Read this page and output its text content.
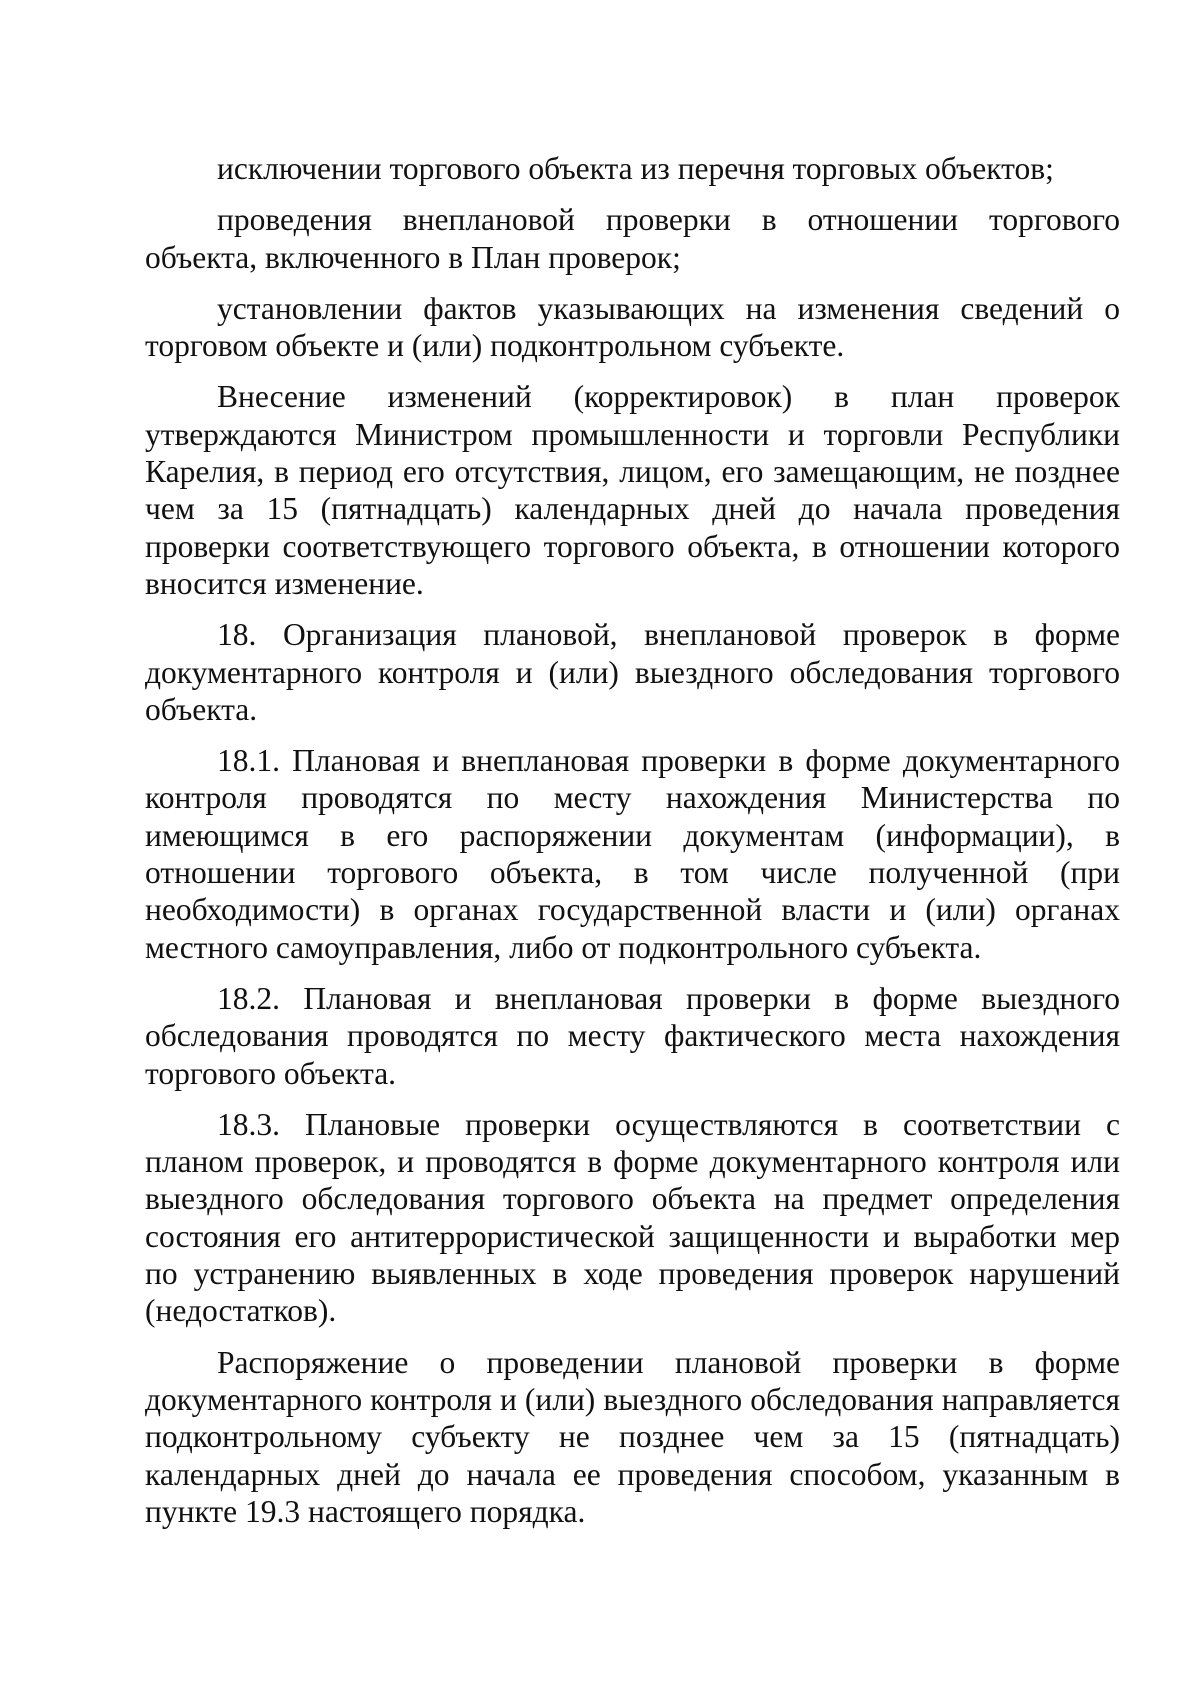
исключении торгового объекта из перечня торговых объектов;

проведения внеплановой проверки в отношении торгового объекта, включенного в План проверок;

установлении фактов указывающих на изменения сведений о торговом объекте и (или) подконтрольном субъекте.

Внесение изменений (корректировок) в план проверок утверждаются Министром промышленности и торговли Республики Карелия, в период его отсутствия, лицом, его замещающим, не позднее чем за 15 (пятнадцать) календарных дней до начала проведения проверки соответствующего торгового объекта, в отношении которого вносится изменение.

18. Организация плановой, внеплановой проверок в форме документарного контроля и (или) выездного обследования торгового объекта.

18.1. Плановая и внеплановая проверки в форме документарного контроля проводятся по месту нахождения Министерства по имеющимся в его распоряжении документам (информации), в отношении торгового объекта, в том числе полученной (при необходимости) в органах государственной власти и (или) органах местного самоуправления, либо от подконтрольного субъекта.

18.2. Плановая и внеплановая проверки в форме выездного обследования проводятся по месту фактического места нахождения торгового объекта.

18.3. Плановые проверки осуществляются в соответствии с планом проверок, и проводятся в форме документарного контроля или выездного обследования торгового объекта на предмет определения состояния его антитеррористической защищенности и выработки мер по устранению выявленных в ходе проведения проверок нарушений (недостатков).

Распоряжение о проведении плановой проверки в форме документарного контроля и (или) выездного обследования направляется подконтрольному субъекту не позднее чем за 15 (пятнадцать) календарных дней до начала ее проведения способом, указанным в пункте 19.3 настоящего порядка.
